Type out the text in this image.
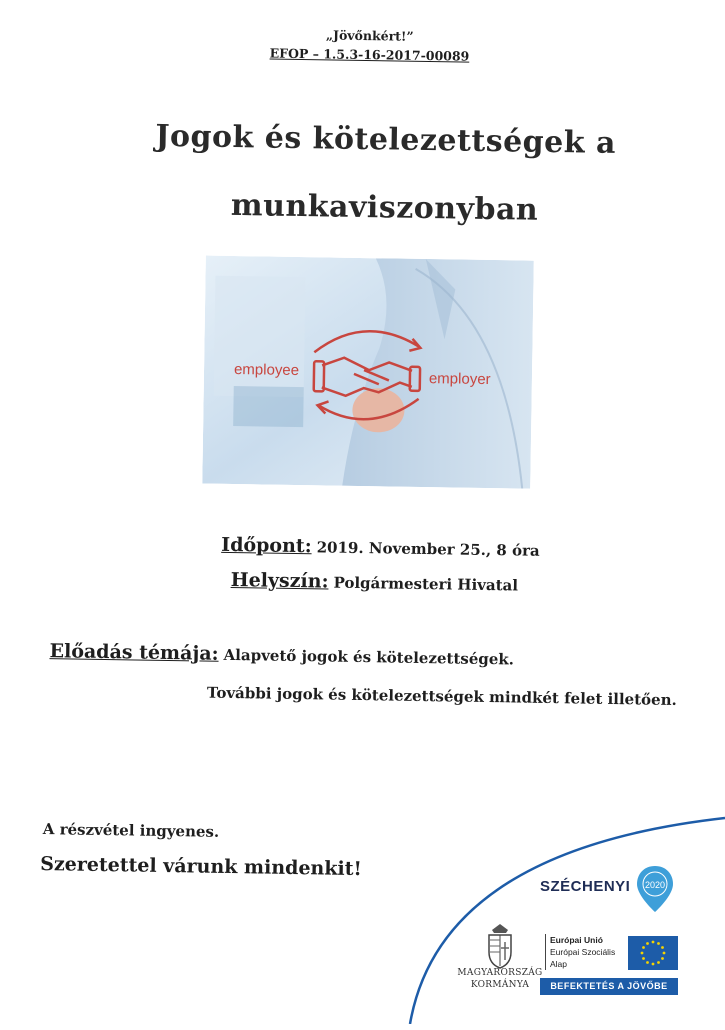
„Jövőnkért!”
EFOP – 1.5.3-16-2017-00089
Jogok és kötelezettségek a
munkaviszonyban
employee
employer
Időpont: 2019. November 25., 8 óra
Helyszín: Polgármesteri Hivatal
Előadás témája: Alapvető jogok és kötelezettségek.
További jogok és kötelezettségek mindkét felet illetően.
A részvétel ingyenes.
Szeretettel várunk mindenkit!
SZÉCHENYI 2020
MAGYARORSZÁG
KORMÁNYA
Európai Unió
Európai Szociális
Alap
BEFEKTETÉS A JÖVŐBE
